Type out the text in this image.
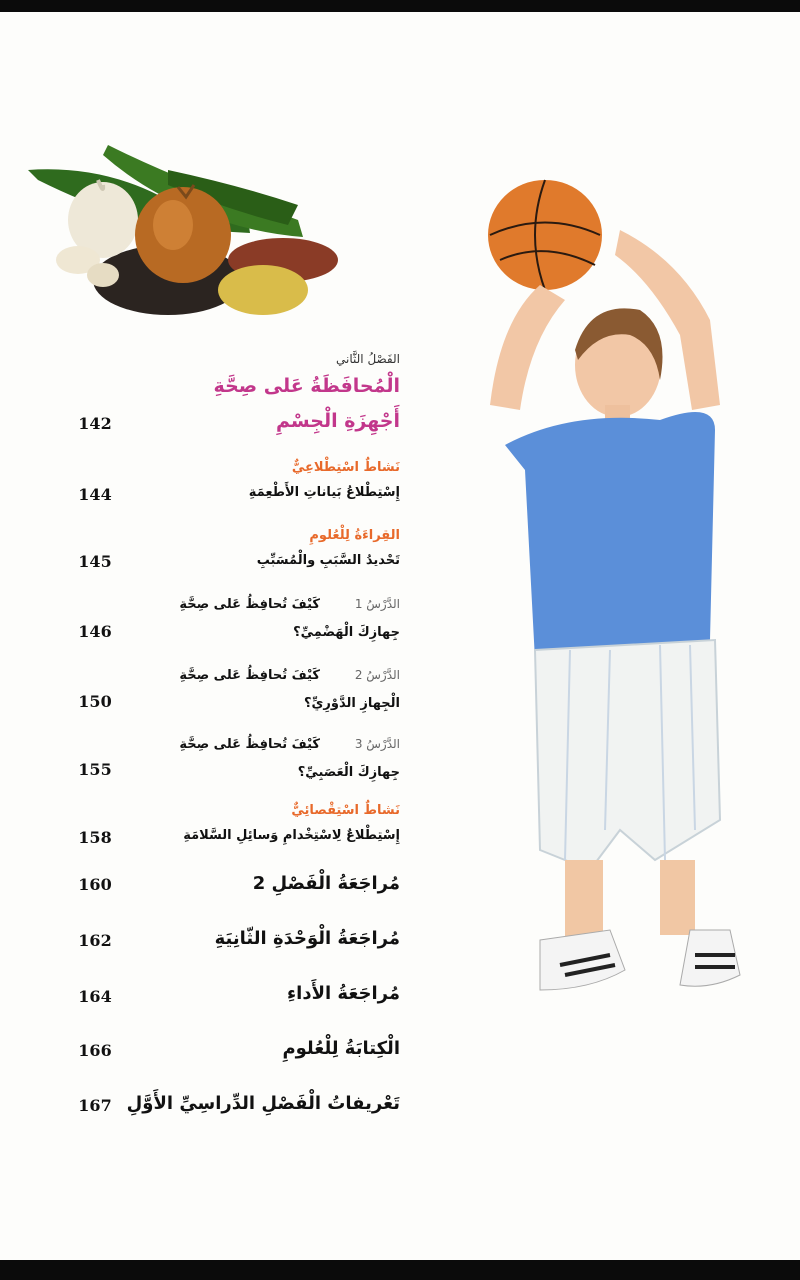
الفَصْلُ الثَّاني
الْمُحافَظَةُ عَلى صِحَّةِ
أَجْهِزَةِ الْجِسْمِ
142
نَشاطٌ اسْتِطْلاعِيٌّ
إِسْتِطْلاعُ بَياناتِ الأَطْعِمَةِ
144
القِراءَةُ لِلْعُلومِ
تَحْديدُ السَّبَبِ والْمُسَبِّبِ
145
الدَّرْسُ 1
كَيْفَ تُحافِظُ عَلى صِحَّةِ
جِهازِكَ الْهَضْمِيِّ؟
146
الدَّرْسُ 2
كَيْفَ تُحافِظُ عَلى صِحَّةِ
الْجِهازِ الدَّوْرِيِّ؟
150
الدَّرْسُ 3
كَيْفَ تُحافِظُ عَلى صِحَّةِ
جِهازِكَ الْعَصَبِيِّ؟
155
نَشاطٌ اسْتِقْصائِيٌّ
إِسْتِطْلاعٌ لِاسْتِخْدامِ وَسائِلِ السَّلامَةِ
158
مُراجَعَةُ الْفَصْلِ 2
160
مُراجَعَةُ الْوَحْدَةِ الثّانِيَةِ
162
مُراجَعَةُ الأَداءِ
164
الْكِتابَةُ لِلْعُلومِ
166
تَعْريفاتُ الْفَصْلِ الدِّراسِيِّ الأَوَّلِ
167
